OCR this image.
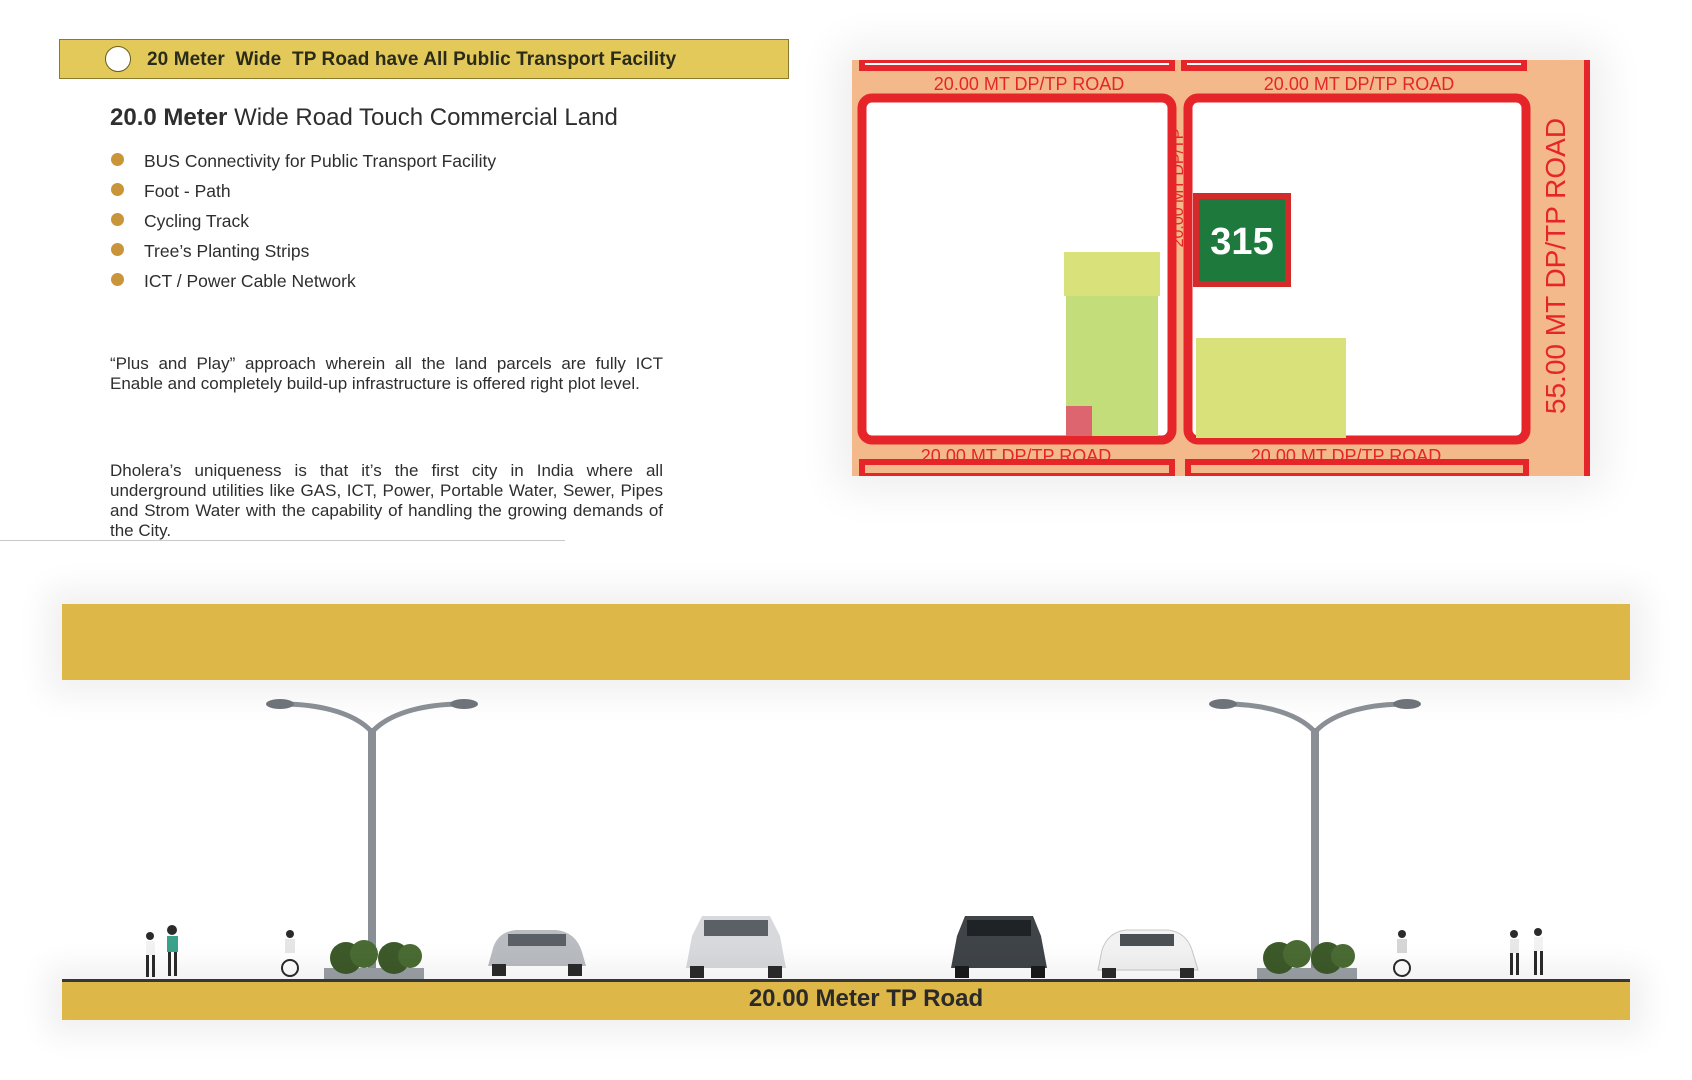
20 Meter  Wide  TP Road have All Public Transport Facility
20.0 Meter Wide Road Touch Commercial Land
BUS Connectivity for Public Transport Facility
Foot - Path
Cycling Track
Tree’s Planting Strips
ICT / Power Cable Network

“Plus and Play” approach wherein all the land parcels are fully ICT Enable and completely build-up infrastructure is offered right plot level.

Dholera’s uniqueness is that it’s the first city in India where all underground utilities like GAS, ICT, Power, Portable Water, Sewer, Pipes and Strom Water with the capability of handling the growing demands of the City.

315
20.00 MT DP/TP ROAD	20.00 MT DP/TP ROAD
20.00 MT DP/TP ROAD	20.00 MT DP/TP ROAD
20.00 MT DP/TP	55.00 MT DP/TP ROAD
20.00 Meter TP Road
